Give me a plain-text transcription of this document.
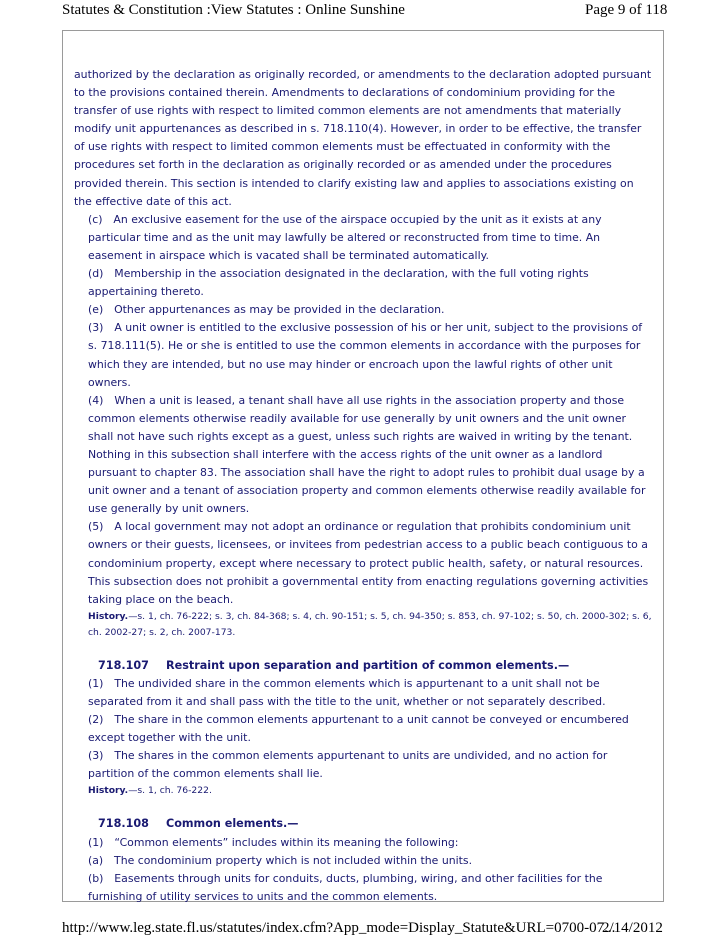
Statutes & Constitution :View Statutes : Online Sunshine	Page 9 of 118

authorized by the declaration as originally recorded, or amendments to the declaration adopted pursuant to the provisions contained therein. Amendments to declarations of condominium providing for the transfer of use rights with respect to limited common elements are not amendments that materially modify unit appurtenances as described in s. 718.110(4). However, in order to be effective, the transfer of use rights with respect to limited common elements must be effectuated in conformity with the procedures set forth in the declaration as originally recorded or as amended under the procedures provided therein. This section is intended to clarify existing law and applies to associations existing on the effective date of this act.

(c) An exclusive easement for the use of the airspace occupied by the unit as it exists at any particular time and as the unit may lawfully be altered or reconstructed from time to time. An easement in airspace which is vacated shall be terminated automatically.

(d) Membership in the association designated in the declaration, with the full voting rights appertaining thereto.

(e) Other appurtenances as may be provided in the declaration.

(3) A unit owner is entitled to the exclusive possession of his or her unit, subject to the provisions of s. 718.111(5). He or she is entitled to use the common elements in accordance with the purposes for which they are intended, but no use may hinder or encroach upon the lawful rights of other unit owners.

(4) When a unit is leased, a tenant shall have all use rights in the association property and those common elements otherwise readily available for use generally by unit owners and the unit owner shall not have such rights except as a guest, unless such rights are waived in writing by the tenant. Nothing in this subsection shall interfere with the access rights of the unit owner as a landlord pursuant to chapter 83. The association shall have the right to adopt rules to prohibit dual usage by a unit owner and a tenant of association property and common elements otherwise readily available for use generally by unit owners.

(5) A local government may not adopt an ordinance or regulation that prohibits condominium unit owners or their guests, licensees, or invitees from pedestrian access to a public beach contiguous to a condominium property, except where necessary to protect public health, safety, or natural resources. This subsection does not prohibit a governmental entity from enacting regulations governing activities taking place on the beach.

History.—s. 1, ch. 76-222; s. 3, ch. 84-368; s. 4, ch. 90-151; s. 5, ch. 94-350; s. 853, ch. 97-102; s. 50, ch. 2000-302; s. 6, ch. 2002-27; s. 2, ch. 2007-173.

718.107 Restraint upon separation and partition of common elements.—

(1) The undivided share in the common elements which is appurtenant to a unit shall not be separated from it and shall pass with the title to the unit, whether or not separately described.

(2) The share in the common elements appurtenant to a unit cannot be conveyed or encumbered except together with the unit.

(3) The shares in the common elements appurtenant to units are undivided, and no action for partition of the common elements shall lie.

History.—s. 1, ch. 76-222.

718.108 Common elements.—

(1) “Common elements” includes within its meaning the following:

(a) The condominium property which is not included within the units.

(b) Easements through units for conduits, ducts, plumbing, wiring, and other facilities for the furnishing of utility services to units and the common elements.

http://www.leg.state.fl.us/statutes/index.cfm?App_mode=Display_Statute&URL=0700-07...
2/14/2012
